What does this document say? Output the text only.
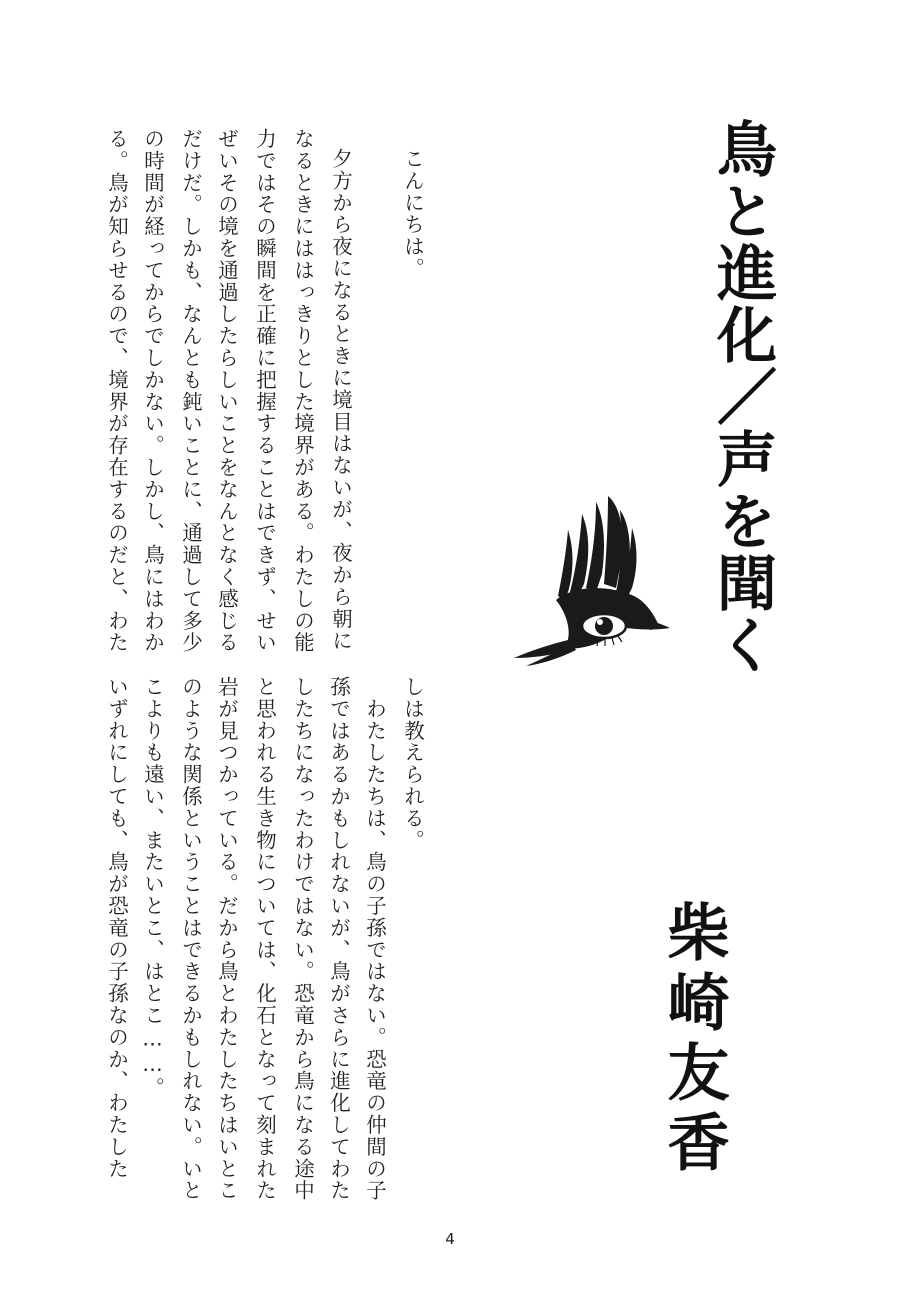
鳥と進化／声を聞く
柴崎友香
こんにちは。
夕方から夜になるときに境目はないが、夜から朝に
なるときにははっきりとした境界がある。わたしの能
力ではその瞬間を正確に把握することはできず、せい
ぜいその境を通過したらしいことをなんとなく感じる
だけだ。しかも、なんとも鈍いことに、通過して多少
の時間が経ってからでしかない。しかし、鳥にはわか
る。鳥が知らせるので、境界が存在するのだと、わた
しは教えられる。
　わたしたちは、鳥の子孫ではない。恐竜の仲間の子
孫ではあるかもしれないが、鳥がさらに進化してわた
したちになったわけではない。恐竜から鳥になる途中
と思われる生き物については、化石となって刻まれた
岩が見つかっている。だから鳥とわたしたちはいとこ
のような関係ということはできるかもしれない。いと
こよりも遠い、またいとこ、はとこ……。
いずれにしても、鳥が恐竜の子孫なのか、わたした
4
